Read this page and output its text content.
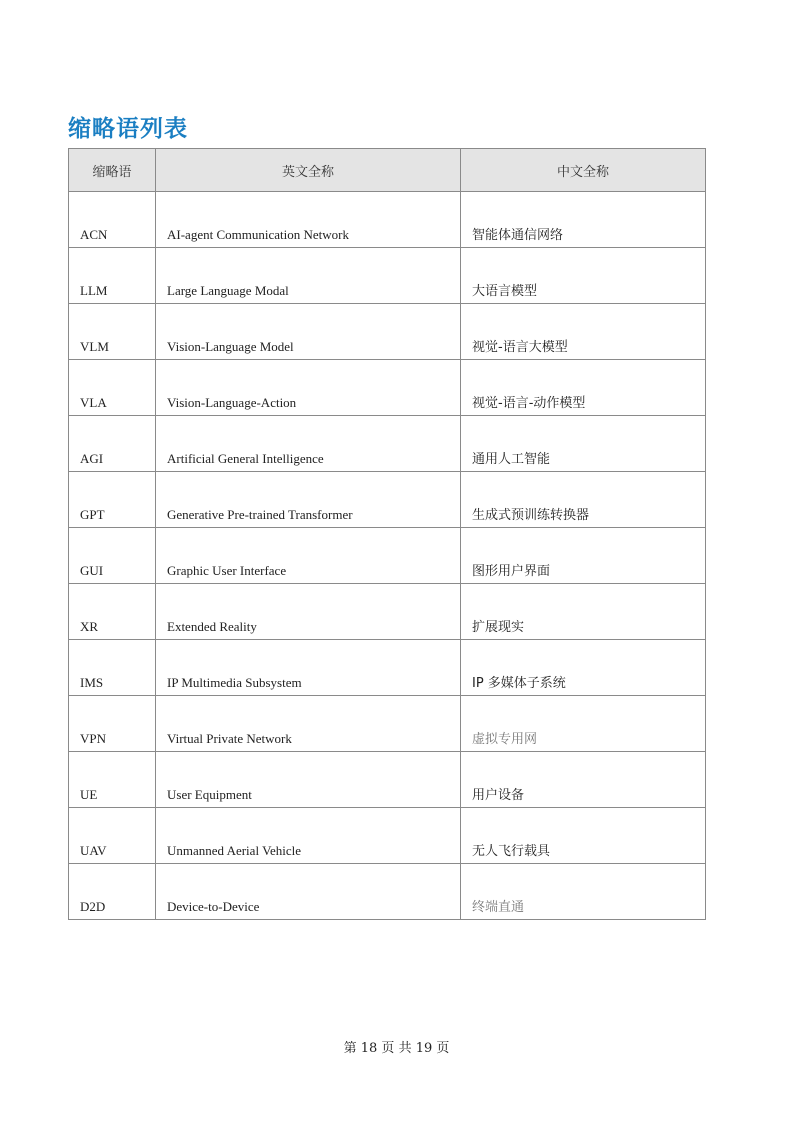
缩略语列表
缩略语	英文全称	中文全称
ACN	AI-agent Communication Network	智能体通信网络
LLM	Large Language Modal	大语言模型
VLM	Vision-Language Model	视觉-语言大模型
VLA	Vision-Language-Action	视觉-语言-动作模型
AGI	Artificial General Intelligence	通用人工智能
GPT	Generative Pre-trained Transformer	生成式预训练转换器
GUI	Graphic User Interface	图形用户界面
XR	Extended Reality	扩展现实
IMS	IP Multimedia Subsystem	IP 多媒体子系统
VPN	Virtual Private Network	虚拟专用网
UE	User Equipment	用户设备
UAV	Unmanned Aerial Vehicle	无人飞行载具
D2D	Device-to-Device	终端直通
第 18 页 共 19 页
